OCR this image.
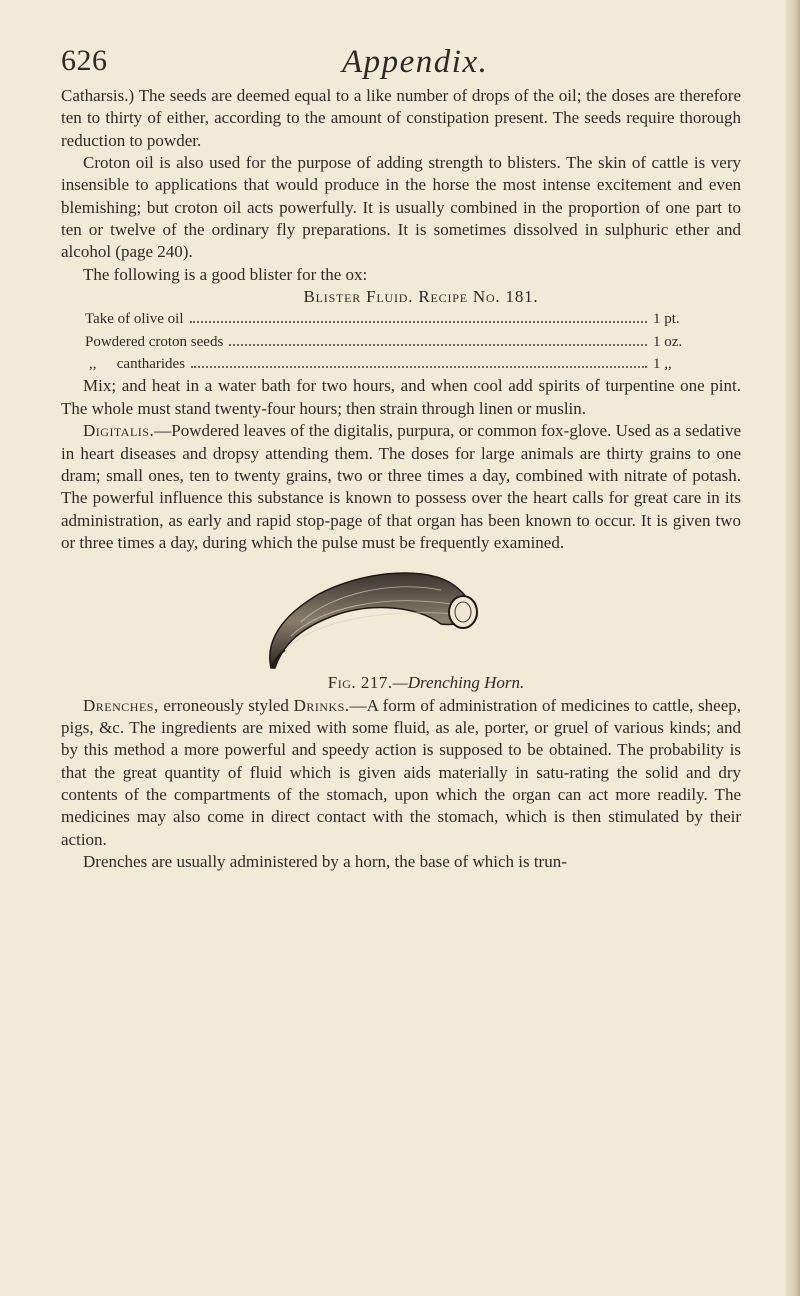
626	Appendix.

Catharsis.) The seeds are deemed equal to a like number of drops of the oil; the doses are therefore ten to thirty of either, according to the amount of constipation present. The seeds require thorough reduction to powder.

Croton oil is also used for the purpose of adding strength to blisters. The skin of cattle is very insensible to applications that would produce in the horse the most intense excitement and even blemishing; but croton oil acts powerfully. It is usually combined in the proportion of one part to ten or twelve of the ordinary fly preparations. It is sometimes dissolved in sulphuric ether and alcohol (page 240).

The following is a good blister for the ox:

Blister Fluid. Recipe No. 181.

Take of olive oil	1 pt.
Powdered croton seeds	1 oz.
,, cantharides	1 ,,

Mix; and heat in a water bath for two hours, and when cool add spirits of turpentine one pint. The whole must stand twenty-four hours; then strain through linen or muslin.

Digitalis.—Powdered leaves of the digitalis, purpura, or common fox-glove. Used as a sedative in heart diseases and dropsy attending them. The doses for large animals are thirty grains to one dram; small ones, ten to twenty grains, two or three times a day, combined with nitrate of potash. The powerful influence this substance is known to possess over the heart calls for great care in its administration, as early and rapid stop-page of that organ has been known to occur. It is given two or three times a day, during which the pulse must be frequently examined.

Fig. 217.—Drenching Horn.

Drenches, erroneously styled Drinks.—A form of administration of medicines to cattle, sheep, pigs, &c. The ingredients are mixed with some fluid, as ale, porter, or gruel of various kinds; and by this method a more powerful and speedy action is supposed to be obtained. The probability is that the great quantity of fluid which is given aids materially in satu-rating the solid and dry contents of the compartments of the stomach, upon which the organ can act more readily. The medicines may also come in direct contact with the stomach, which is then stimulated by their action.

Drenches are usually administered by a horn, the base of which is trun-
